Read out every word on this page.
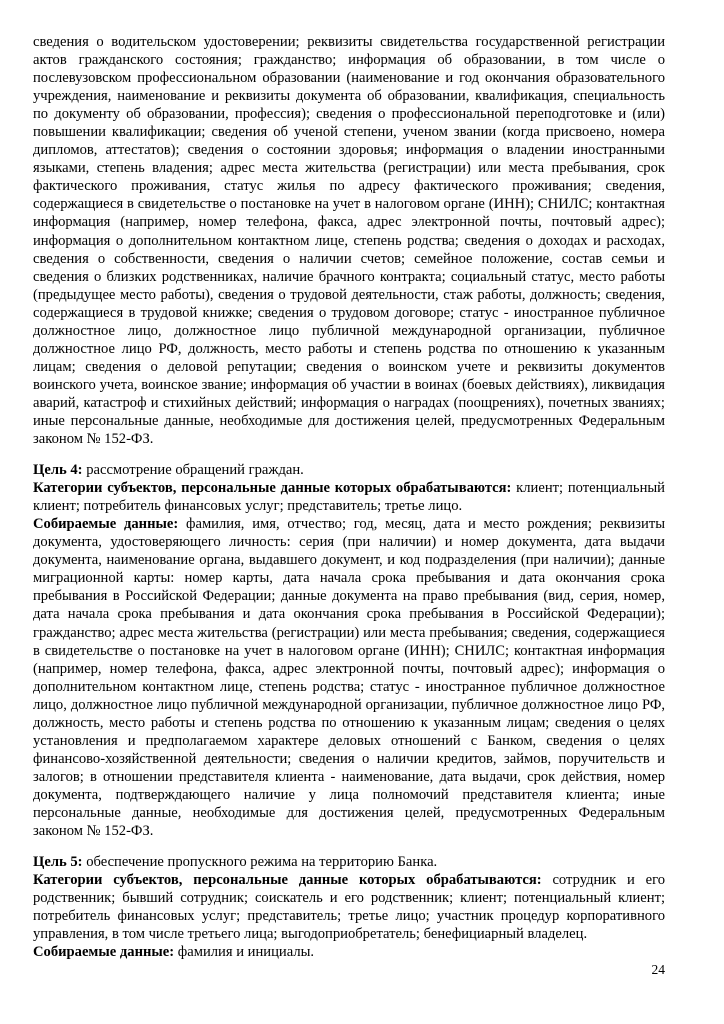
сведения о водительском удостоверении; реквизиты свидетельства государственной регистрации актов гражданского состояния; гражданство; информация об образовании, в том числе о послевузовском профессиональном образовании (наименование и год окончания образовательного учреждения, наименование и реквизиты документа об образовании, квалификация, специальность по документу об образовании, профессия); сведения о профессиональной переподготовке и (или) повышении квалификации; сведения об ученой степени, ученом звании (когда присвоено, номера дипломов, аттестатов); сведения о состоянии здоровья; информация о владении иностранными языками, степень владения; адрес места жительства (регистрации) или места пребывания, срок фактического проживания, статус жилья по адресу фактического проживания; сведения, содержащиеся в свидетельстве о постановке на учет в налоговом органе (ИНН); СНИЛС; контактная информация (например, номер телефона, факса, адрес электронной почты, почтовый адрес); информация о дополнительном контактном лице, степень родства; сведения о доходах и расходах, сведения о собственности, сведения о наличии счетов; семейное положение, состав семьи и сведения о близких родственниках, наличие брачного контракта; социальный статус, место работы (предыдущее место работы), сведения о трудовой деятельности, стаж работы, должность; сведения, содержащиеся в трудовой книжке; сведения о трудовом договоре; статус - иностранное публичное должностное лицо, должностное лицо публичной международной организации, публичное должностное лицо РФ, должность, место работы и степень родства по отношению к указанным лицам; сведения о деловой репутации; сведения о воинском учете и реквизиты документов воинского учета, воинское звание; информация об участии в воинах (боевых действиях), ликвидация аварий, катастроф и стихийных действий; информация о наградах (поощрениях), почетных званиях; иные персональные данные, необходимые для достижения целей, предусмотренных Федеральным законом № 152-ФЗ.

Цель 4: рассмотрение обращений граждан.

Категории субъектов, персональные данные которых обрабатываются: клиент; потенциальный клиент; потребитель финансовых услуг; представитель; третье лицо.

Собираемые данные: фамилия, имя, отчество; год, месяц, дата и место рождения; реквизиты документа, удостоверяющего личность: серия (при наличии) и номер документа, дата выдачи документа, наименование органа, выдавшего документ, и код подразделения (при наличии); данные миграционной карты: номер карты, дата начала срока пребывания и дата окончания срока пребывания в Российской Федерации; данные документа на право пребывания (вид, серия, номер, дата начала срока пребывания и дата окончания срока пребывания в Российской Федерации); гражданство; адрес места жительства (регистрации) или места пребывания; сведения, содержащиеся в свидетельстве о постановке на учет в налоговом органе (ИНН); СНИЛС; контактная информация (например, номер телефона, факса, адрес электронной почты, почтовый адрес); информация о дополнительном контактном лице, степень родства; статус - иностранное публичное должностное лицо, должностное лицо публичной международной организации, публичное должностное лицо РФ, должность, место работы и степень родства по отношению к указанным лицам; сведения о целях установления и предполагаемом характере деловых отношений с Банком, сведения о целях финансово-хозяйственной деятельности; сведения о наличии кредитов, займов, поручительств и залогов; в отношении представителя клиента - наименование, дата выдачи, срок действия, номер документа, подтверждающего наличие у лица полномочий представителя клиента; иные персональные данные, необходимые для достижения целей, предусмотренных Федеральным законом № 152-ФЗ.

Цель 5: обеспечение пропускного режима на территорию Банка.

Категории субъектов, персональные данные которых обрабатываются: сотрудник и его родственник; бывший сотрудник; соискатель и его родственник; клиент; потенциальный клиент; потребитель финансовых услуг; представитель; третье лицо; участник процедур корпоративного управления, в том числе третьего лица; выгодоприобретатель; бенефициарный владелец.

Собираемые данные: фамилия и инициалы.

24
